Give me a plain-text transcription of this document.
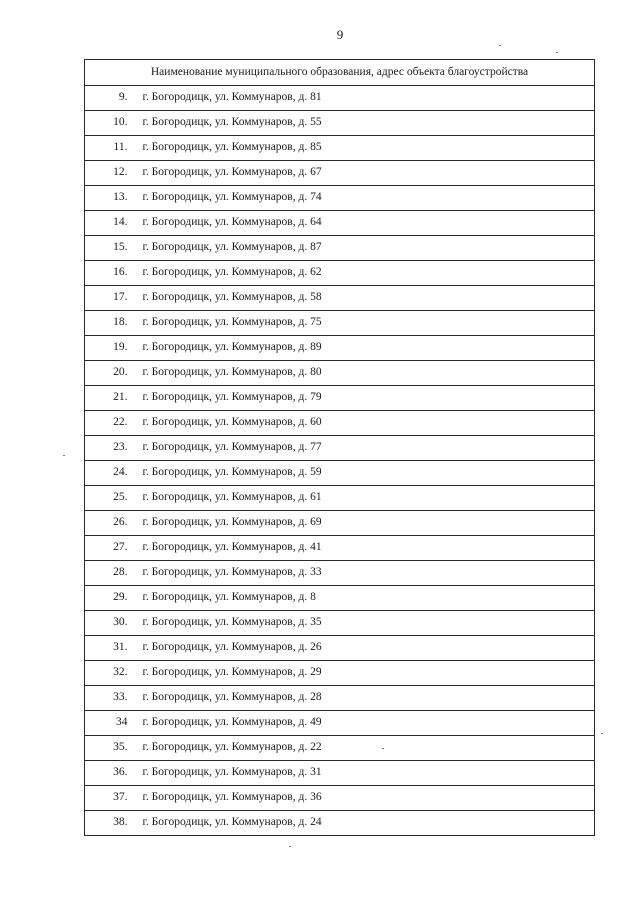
9
Наименование муниципального образования, адрес объекта благоустройства	
9.	г. Богородицк, ул. Коммунаров, д. 81
10.	г. Богородицк, ул. Коммунаров, д. 55
11.	г. Богородицк, ул. Коммунаров, д. 85
12.	г. Богородицк, ул. Коммунаров, д. 67
13.	г. Богородицк, ул. Коммунаров, д. 74
14.	г. Богородицк, ул. Коммунаров, д. 64
15.	г. Богородицк, ул. Коммунаров, д. 87
16.	г. Богородицк, ул. Коммунаров, д. 62
17.	г. Богородицк, ул. Коммунаров, д. 58
18.	г. Богородицк, ул. Коммунаров, д. 75
19.	г. Богородицк, ул. Коммунаров, д. 89
20.	г. Богородицк, ул. Коммунаров, д. 80
21.	г. Богородицк, ул. Коммунаров, д. 79
22.	г. Богородицк, ул. Коммунаров, д. 60
23.	г. Богородицк, ул. Коммунаров, д. 77
24.	г. Богородицк, ул. Коммунаров, д. 59
25.	г. Богородицк, ул. Коммунаров, д. 61
26.	г. Богородицк, ул. Коммунаров, д. 69
27.	г. Богородицк, ул. Коммунаров, д. 41
28.	г. Богородицк, ул. Коммунаров, д. 33
29.	г. Богородицк, ул. Коммунаров, д. 8
30.	г. Богородицк, ул. Коммунаров, д. 35
31.	г. Богородицк, ул. Коммунаров, д. 26
32.	г. Богородицк, ул. Коммунаров, д. 29
33.	г. Богородицк, ул. Коммунаров, д. 28
34	г. Богородицк, ул. Коммунаров, д. 49
35.	г. Богородицк, ул. Коммунаров, д. 22
36.	г. Богородицк, ул. Коммунаров, д. 31
37.	г. Богородицк, ул. Коммунаров, д. 36
38.	г. Богородицк, ул. Коммунаров, д. 24
